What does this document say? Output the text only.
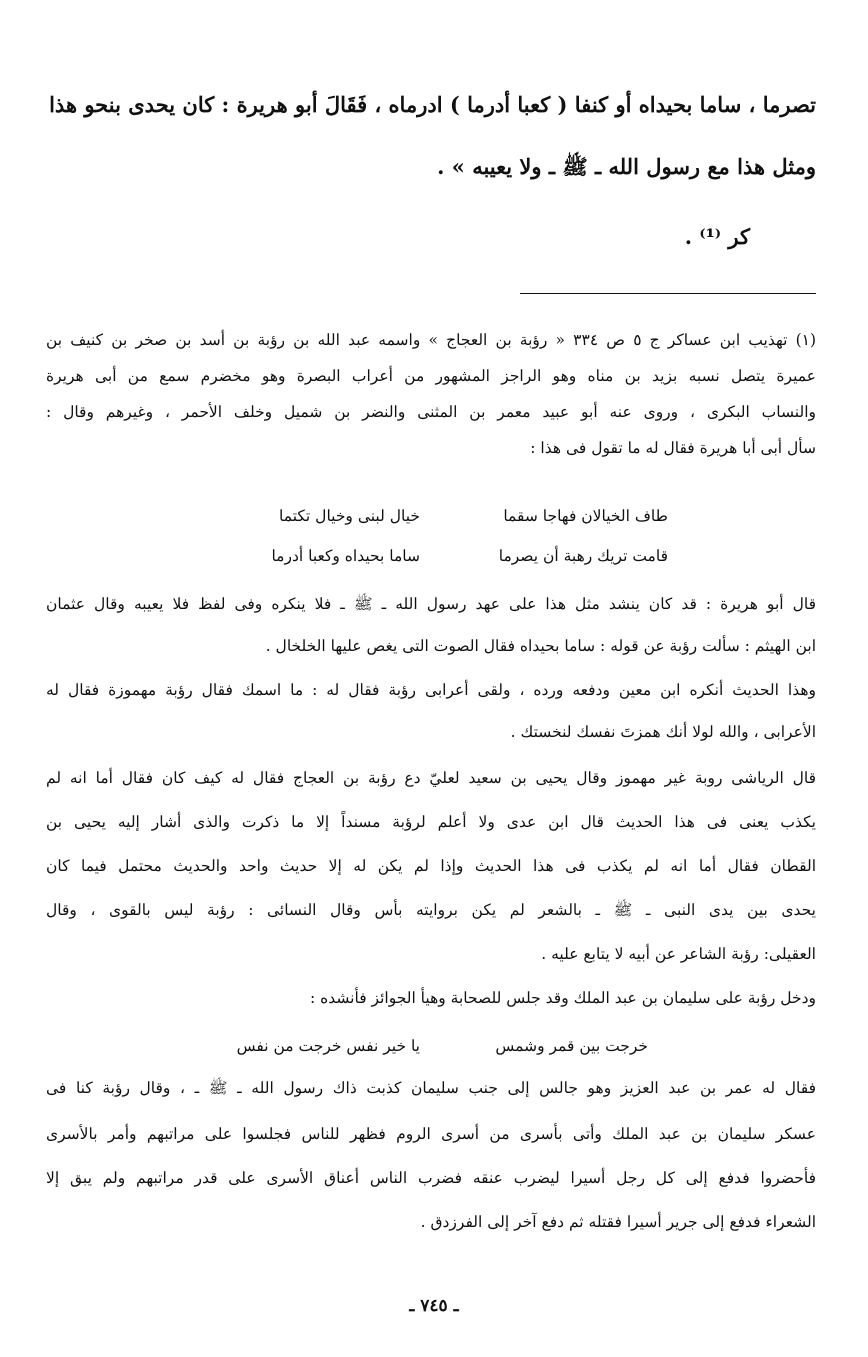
تصرما ، ساما بحيداه أو كنفا ( كعبا أدرما ) ادرماه ، فَقَالَ أبو هريرة : كان يحدى بنحو هذا
ومثل هذا مع رسول الله ـ ﷺ ـ ولا يعيبه » .
كر ⁽¹⁾ .
(١) تهذيب ابن عساكر ج ٥ ص ٣٣٤ « رؤبة بن العجاج » واسمه عبد الله بن رؤبة بن أسد بن صخر بن كنيف بن
عميرة يتصل نسبه بزيد بن مناه وهو الراجز المشهور من أعراب البصرة وهو مخضرم سمع من أبى هريرة
والنساب البكرى ، وروى عنه أبو عبيد معمر بن المثنى والنضر بن شميل وخلف الأحمر ، وغيرهم وقال :
سأل أبى أبا هريرة فقال له ما تقول فى هذا :
طاف الخيالان فهاجا سقما
خيال لبنى وخيال تكتما
قامت تريك رهبة أن يصرما
ساما بحيداه وكعبا أدرما
قال أبو هريرة : قد كان ينشد مثل هذا على عهد رسول الله ـ ﷺ ـ فلا ينكره وفى لفظ فلا يعيبه وقال عثمان
ابن الهيثم : سألت رؤبة عن قوله : ساما بحيداه فقال الصوت التى يغص عليها الخلخال .
وهذا الحديث أنكره ابن معين ودفعه ورده ، ولقى أعرابى رؤبة فقال له : ما اسمك فقال رؤبة مهموزة فقال له
الأعرابى ، والله لولا أنك همزتَ نفسك لنخستك .
قال الرياشى روبة غير مهموز وقال يحيى بن سعيد لعليّ دع رؤبة بن العجاج فقال له كيف كان فقال أما انه لم
يكذب يعنى فى هذا الحديث قال ابن عدى ولا أعلم لرؤبة مسنداً إلا ما ذكرت والذى أشار إليه يحيى بن
القطان فقال أما انه لم يكذب فى هذا الحديث وإذا لم يكن له إلا حديث واحد والحديث محتمل فيما كان
يحدى بين يدى النبى ـ ﷺ ـ بالشعر لم يكن بروايته بأس وقال النسائى : رؤبة ليس بالقوى ، وقال
العقيلى: رؤبة الشاعر عن أبيه لا يتابع عليه .
ودخل رؤبة على سليمان بن عبد الملك وقد جلس للصحابة وهيأ الجوائز فأنشده :
خرجت بين قمر وشمس
يا خير نفس خرجت من نفس
فقال له عمر بن عبد العزيز وهو جالس إلى جنب سليمان كذبت ذاك رسول الله ـ ﷺ ـ ، وقال رؤبة كنا فى
عسكر سليمان بن عبد الملك وأتى بأسرى من أسرى الروم فظهر للناس فجلسوا على مراتبهم وأمر بالأسرى
فأحضروا فدفع إلى كل رجل أسيرا ليضرب عنقه فضرب الناس أعناق الأسرى على قدر مراتبهم ولم يبق إلا
الشعراء فدفع إلى جرير أسيرا فقتله ثم دفع آخر إلى الفرزدق .
ـ ٧٤٥ ـ
